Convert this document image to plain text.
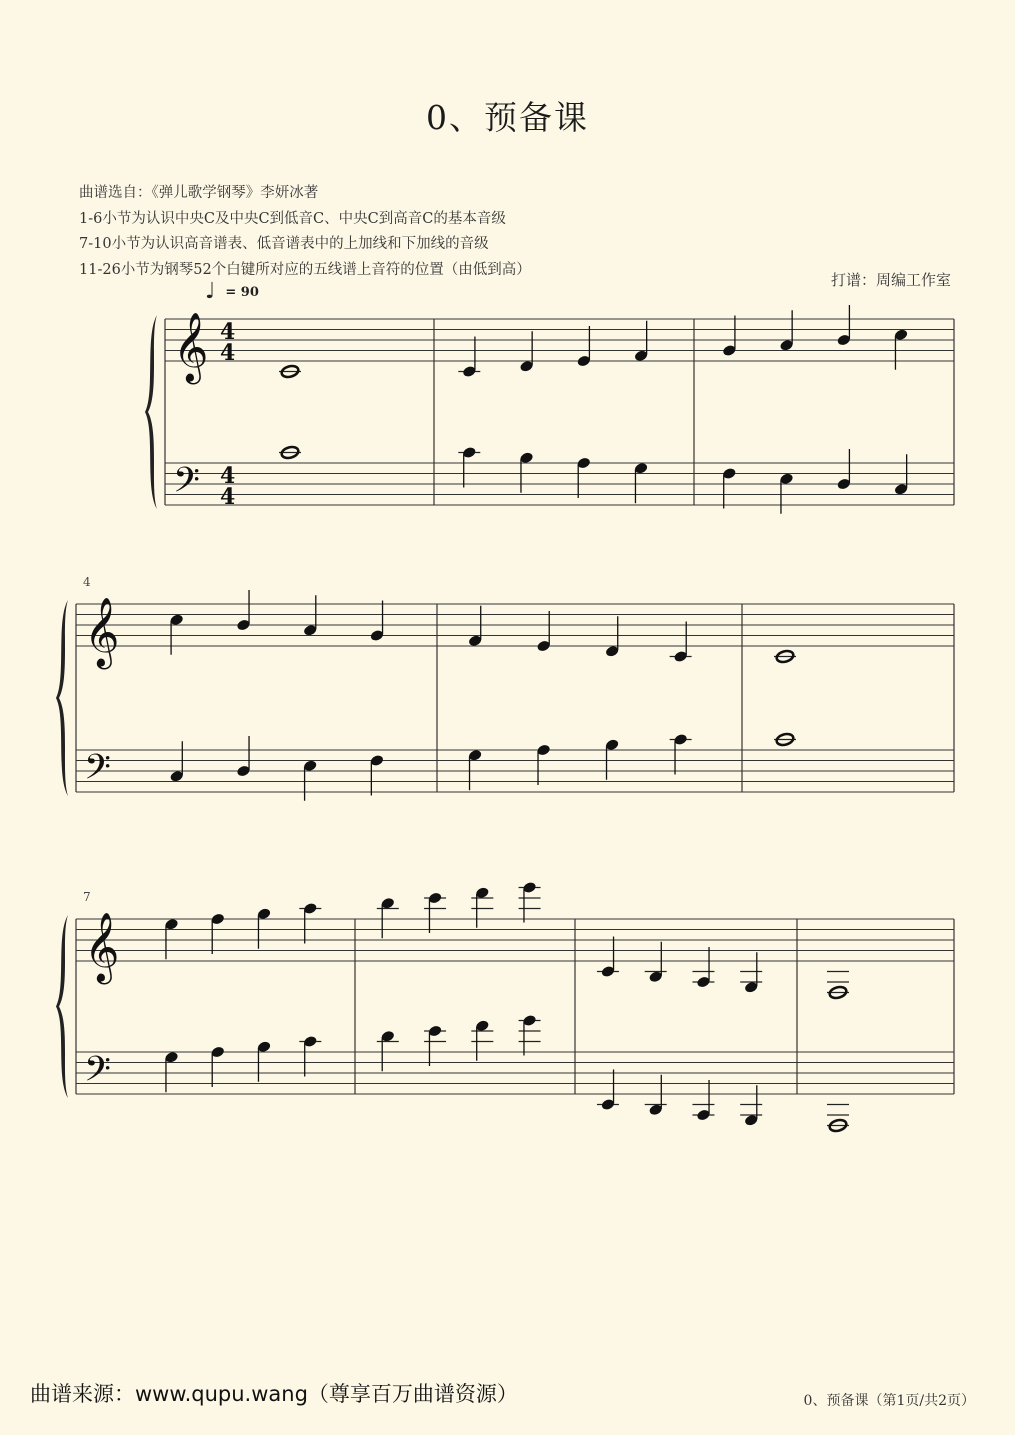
0、预备课
曲谱选自：《弹儿歌学钢琴》李妍冰著
1-6小节为认识中央C及中央C到低音C、中央C到高音C的基本音级
7-10小节为认识高音谱表、低音谱表中的上加线和下加线的音级
11-26小节为钢琴52个白键所对应的五线谱上音符的位置（由低到高）
打谱：周编工作室
♩ = 90
4
7
𝄞
𝄢
4
4
4
4
𝄞
𝄢
𝄞
𝄢
曲谱来源：www.qupu.wang（尊享百万曲谱资源）	0、预备课（第1页/共2页）
